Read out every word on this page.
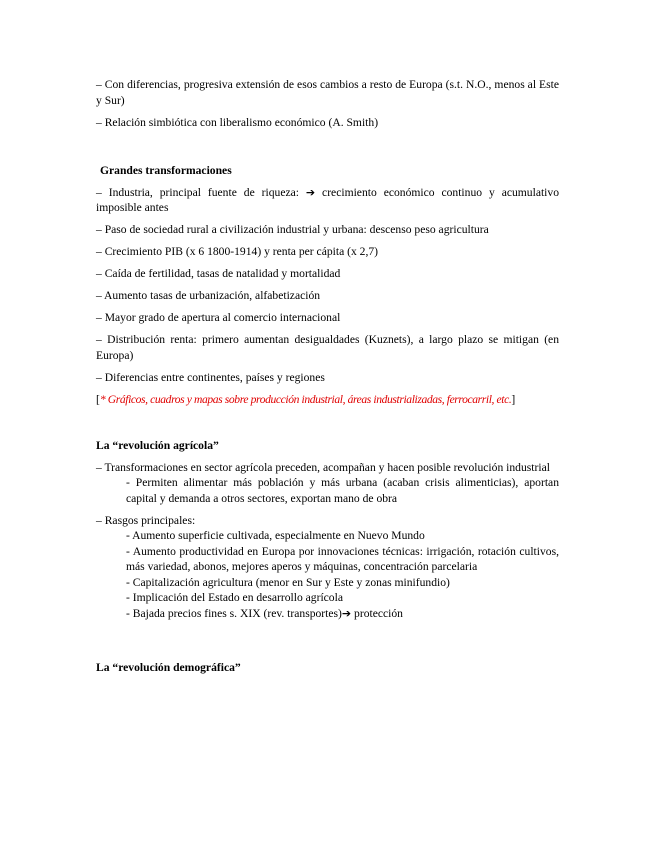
– Con diferencias, progresiva extensión de esos cambios a resto de Europa (s.t. N.O., menos al Este y Sur)

– Relación simbiótica con liberalismo económico (A. Smith)

Grandes transformaciones

– Industria, principal fuente de riqueza: ➔ crecimiento económico continuo y acumulativo imposible antes

– Paso de sociedad rural a civilización industrial y urbana: descenso peso agricultura

– Crecimiento PIB (x 6 1800-1914) y renta per cápita (x 2,7)

– Caída de fertilidad, tasas de natalidad y mortalidad

– Aumento tasas de urbanización, alfabetización

– Mayor grado de apertura al comercio internacional

– Distribución renta: primero aumentan desigualdades (Kuznets), a largo plazo se mitigan (en Europa)

– Diferencias entre continentes, países y regiones

[* Gráficos, cuadros y mapas sobre producción industrial, áreas industrializadas, ferrocarril, etc.]

La “revolución agrícola”

– Transformaciones en sector agrícola preceden, acompañan y hacen posible revolución industrial

- Permiten alimentar más población y más urbana (acaban crisis alimenticias), aportan capital y demanda a otros sectores, exportan mano de obra

– Rasgos principales:

- Aumento superficie cultivada, especialmente en Nuevo Mundo

- Aumento productividad en Europa por innovaciones técnicas: irrigación, rotación cultivos, más variedad, abonos, mejores aperos y máquinas, concentración parcelaria

- Capitalización agricultura (menor en Sur y Este y zonas minifundio)

- Implicación del Estado en desarrollo agrícola

- Bajada precios fines s. XIX (rev. transportes)➔ protección

La “revolución demográfica”
